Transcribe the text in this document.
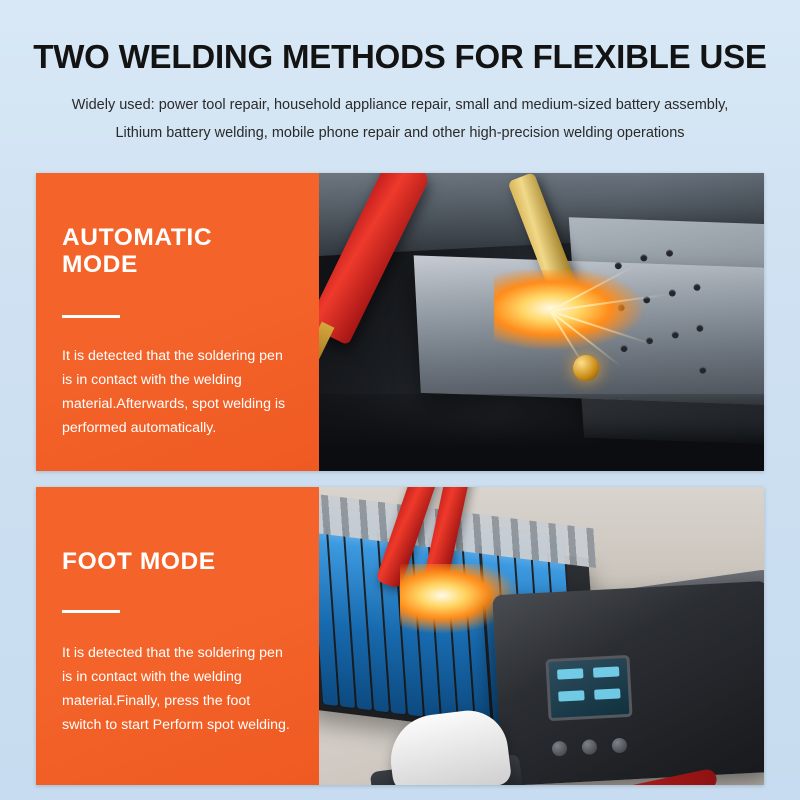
TWO WELDING METHODS FOR FLEXIBLE USE
Widely used: power tool repair, household appliance repair, small and medium-sized battery assembly,
Lithium battery welding, mobile phone repair and other high-precision welding operations
AUTOMATIC MODE
It is detected that the soldering pen is in contact with the welding material.Afterwards, spot welding is performed automatically.
FOOT MODE
It is detected that the soldering pen is in contact with the welding material.Finally, press the foot switch to start Perform spot welding.
